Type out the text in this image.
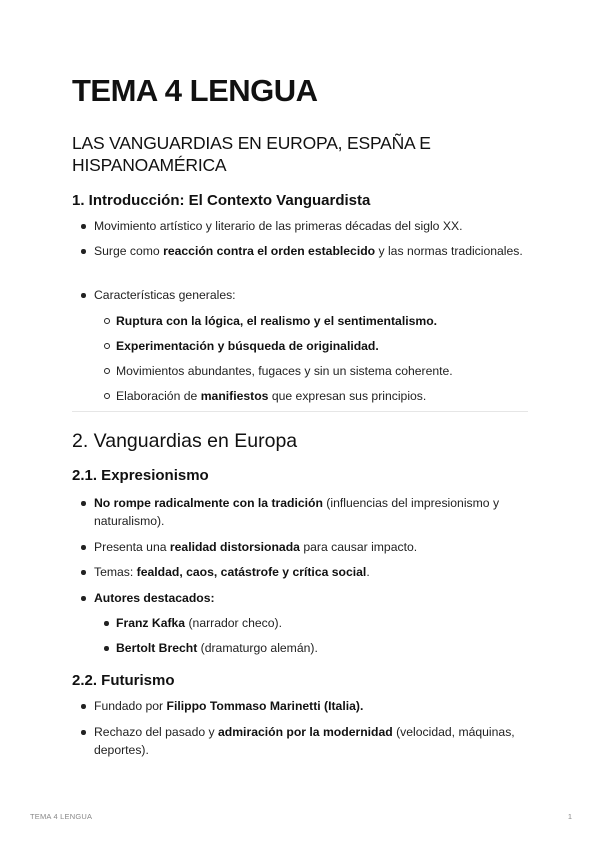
TEMA 4 LENGUA
LAS VANGUARDIAS EN EUROPA, ESPAÑA E
HISPANOAMÉRICA
1. Introducción: El Contexto Vanguardista
Movimiento artístico y literario de las primeras décadas del siglo XX.
Surge como reacción contra el orden establecido y las normas tradicionales.
Características generales:
Ruptura con la lógica, el realismo y el sentimentalismo.
Experimentación y búsqueda de originalidad.
Movimientos abundantes, fugaces y sin un sistema coherente.
Elaboración de manifiestos que expresan sus principios.
2. Vanguardias en Europa
2.1. Expresionismo
No rompe radicalmente con la tradición (influencias del impresionismo y naturalismo).
Presenta una realidad distorsionada para causar impacto.
Temas: fealdad, caos, catástrofe y crítica social.
Autores destacados:
Franz Kafka (narrador checo).
Bertolt Brecht (dramaturgo alemán).
2.2. Futurismo
Fundado por Filippo Tommaso Marinetti (Italia).
Rechazo del pasado y admiración por la modernidad (velocidad, máquinas, deportes).
TEMA 4 LENGUA	1
